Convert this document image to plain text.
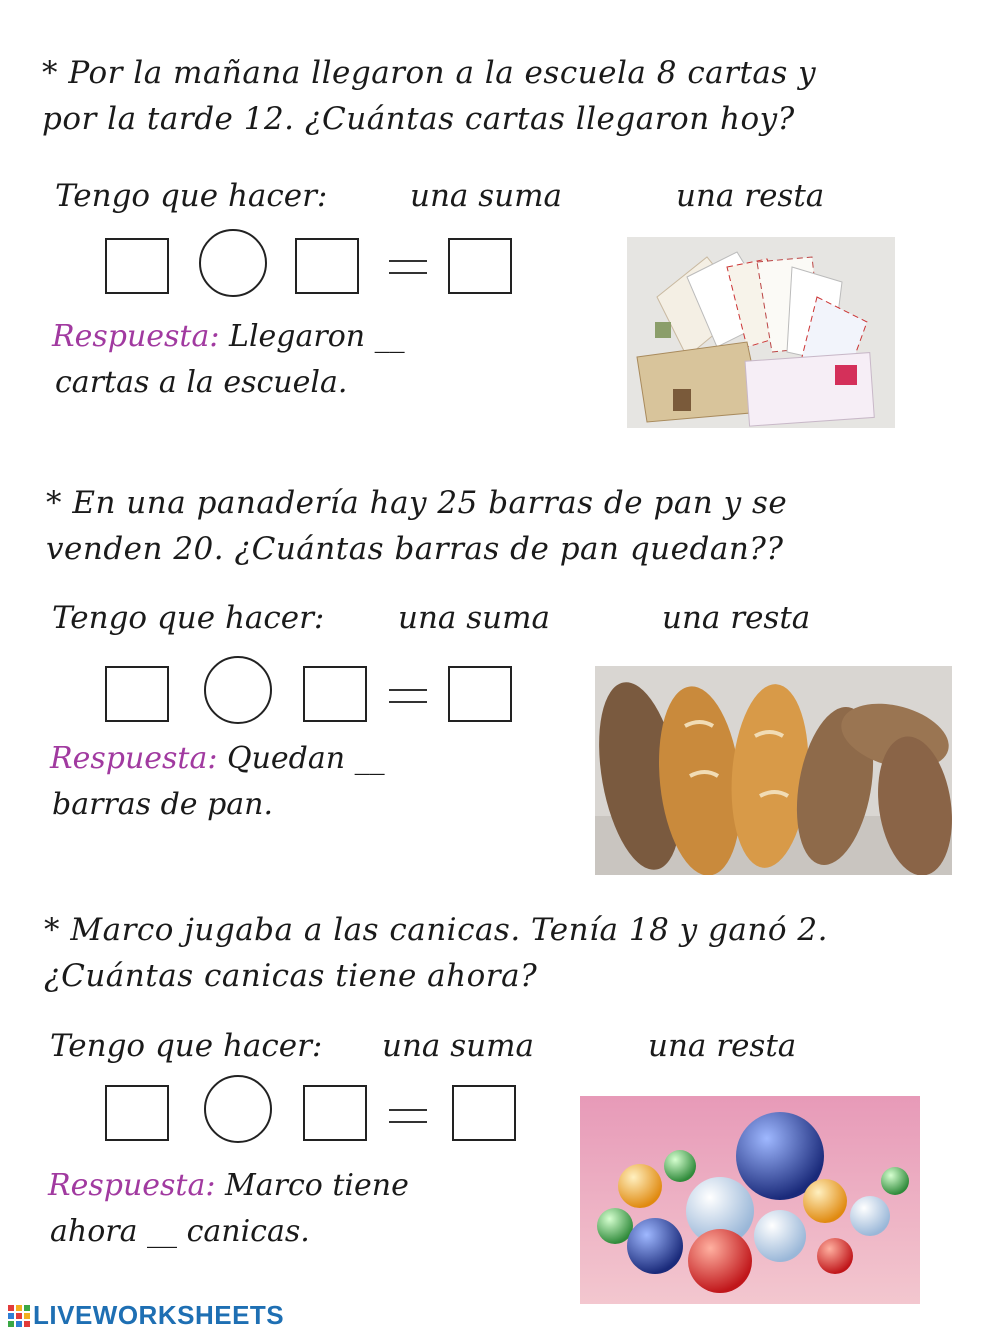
* Por la mañana llegaron a la escuela 8 cartas y
por la tarde 12. ¿Cuántas cartas llegaron hoy?
Tengo que hacer:	una suma	una resta
Respuesta: Llegaron __
cartas a la escuela.
* En una panadería hay 25 barras de pan y se
venden 20. ¿Cuántas barras de pan quedan??
Tengo que hacer: una suma	una resta
Respuesta: Quedan __
barras de pan.
* Marco jugaba a las canicas. Tenía 18 y ganó 2.
¿Cuántas canicas tiene ahora?
Tengo que hacer: una suma	una resta
Respuesta: Marco tiene
ahora __ canicas.
LIVEWORKSHEETS
